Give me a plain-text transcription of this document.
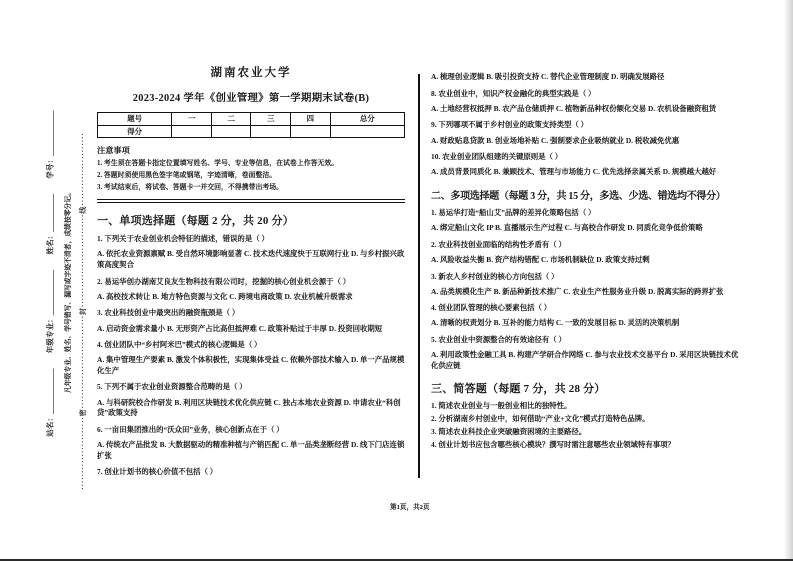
站名：＿＿＿＿＿＿　　年级专业：＿＿＿＿＿＿　　姓名：＿＿＿＿＿　　学号：＿＿＿＿＿＿	凡年级专业、姓名、学号错写、漏写或字迹不清者，成绩按零分记。 ······················密····························封····························线······················
湖南农业大学
2023-2024 学年《创业管理》第一学期期末试卷(B)
题号	一	二	三	四	总分
得分					
注意事项
1. 考生须在答题卡指定位置填写姓名、学号、专业等信息，在试卷上作答无效。
2. 答题时须使用黑色签字笔或钢笔，字迹清晰，卷面整洁。
3. 考试结束后，将试卷、答题卡一并交回，不得携带出考场。
一、单项选择题（每题 2 分，共 20 分）

1. 下列关于农业创业机会特征的描述，错误的是（ ）

A. 依托农业资源禀赋 B. 受自然环境影响显著 C. 技术迭代速度快于互联网行业 D. 与乡村振兴政策高度契合

2. 易运华创办湖南艾良友生物科技有限公司时，挖掘的核心创业机会源于（ ）

A. 高校技术转让 B. 地方特色资源与文化 C. 跨境电商政策 D. 农业机械升级需求

3. 农业科技创业中最突出的融资瓶颈是（ ）

A. 启动资金需求量小 B. 无形资产占比高但抵押难 C. 政策补贴过于丰厚 D. 投资回收期短

4. 创业团队中“乡村阿米巴”模式的核心逻辑是（ ）

A. 集中管理生产要素 B. 激发个体积极性，实现集体受益 C. 依赖外部技术输入 D. 单一产品规模化生产

5. 下列不属于农业创业资源整合范畴的是（ ）

A. 与科研院校合作研发 B. 利用区块链技术优化供应链 C. 独占本地农业资源 D. 申请农业“科创贷”政策支持

6. 一亩田集团推出的“沃众田”业务，核心创新点在于（ ）

A. 传统农产品批发 B. 大数据驱动的精准种植与产销匹配 C. 单一品类垄断经营 D. 线下门店连锁扩张

7. 创业计划书的核心价值不包括（ ）

A. 梳理创业逻辑 B. 吸引投资支持 C. 替代企业管理制度 D. 明确发展路径

8. 农业创业中，知识产权金融化的典型实践是（ ）

A. 土地经营权抵押 B. 农产品仓储质押 C. 植物新品种权份额化交易 D. 农机设备融资租赁

9. 下列哪项不属于乡村创业的政策支持类型（ ）

A. 财政贴息贷款 B. 创业场地补贴 C. 强制要求企业吸纳就业 D. 税收减免优惠

10. 农业创业团队组建的关键原则是（ ）

A. 成员背景同质化 B. 兼顾技术、管理与市场能力 C. 优先选择亲属关系 D. 规模越大越好

二、多项选择题（每题 3 分，共 15 分，多选、少选、错选均不得分）

1. 易运华打造“船山艾”品牌的差异化策略包括（ ）

A. 绑定船山文化 IP B. 直播展示生产过程 C. 与高校合作研发 D. 同质化竞争低价策略

2. 农业科技创业面临的结构性矛盾有（ ）

A. 风险收益失衡 B. 资产结构错配 C. 市场机制缺位 D. 政策支持过剩

3. 新农人乡村创业的核心方向包括（ ）

A. 品类规模化生产 B. 新品种新技术推广 C. 农业生产性服务业升级 D. 脱离实际的跨界扩张

4. 创业团队管理的核心要素包括（ ）

A. 清晰的权责划分 B. 互补的能力结构 C. 一致的发展目标 D. 灵活的决策机制

5. 农业创业中资源整合的有效途径有（ ）

A. 利用政策性金融工具 B. 构建产学研合作网络 C. 参与农业技术交易平台 D. 采用区块链技术优化供应链

三、简答题（每题 7 分，共 28 分）

1. 简述农业创业与一般创业相比的独特性。

2. 分析湖南乡村创业中，如何借助“产业+文化”模式打造特色品牌。

3. 简述农业科技企业突破融资困境的主要路径。

4. 创业计划书应包含哪些核心模块？撰写时需注意哪些农业领域特有事项？

第1页，共2页
